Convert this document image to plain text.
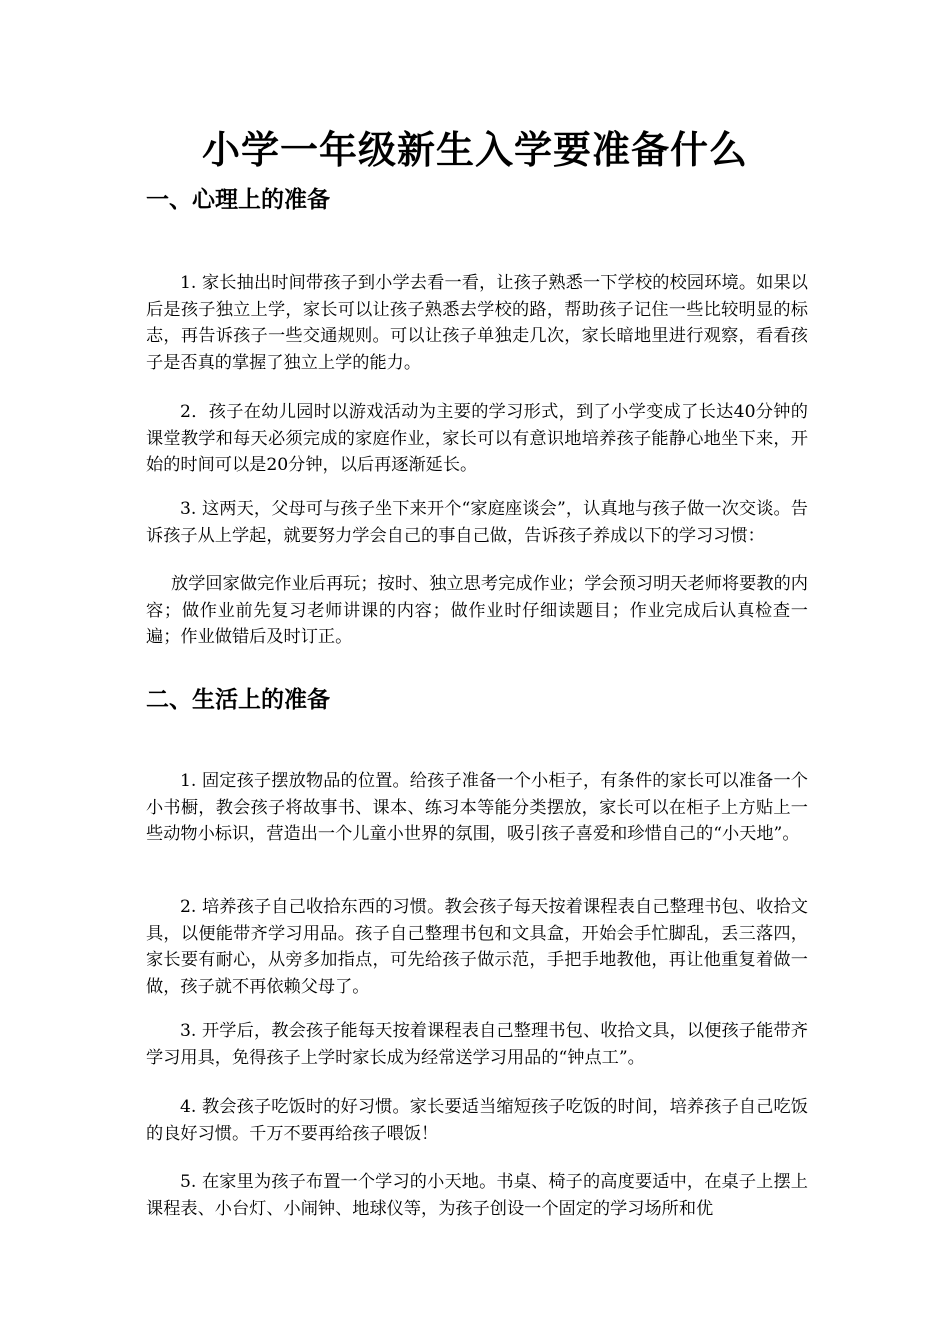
小学一年级新生入学要准备什么
一、心理上的准备

1. 家长抽出时间带孩子到小学去看一看，让孩子熟悉一下学校的校园环境。如果以后是孩子独立上学，家长可以让孩子熟悉去学校的路，帮助孩子记住一些比较明显的标志，再告诉孩子一些交通规则。可以让孩子单独走几次，家长暗地里进行观察，看看孩子是否真的掌握了独立上学的能力。

2．孩子在幼儿园时以游戏活动为主要的学习形式，到了小学变成了长达40分钟的课堂教学和每天必须完成的家庭作业，家长可以有意识地培养孩子能静心地坐下来，开始的时间可以是20分钟，以后再逐渐延长。

3. 这两天，父母可与孩子坐下来开个“家庭座谈会”，认真地与孩子做一次交谈。告诉孩子从上学起，就要努力学会自己的事自己做，告诉孩子养成以下的学习习惯：

放学回家做完作业后再玩；按时、独立思考完成作业；学会预习明天老师将要教的内容；做作业前先复习老师讲课的内容；做作业时仔细读题目；作业完成后认真检查一遍；作业做错后及时订正。

二、生活上的准备

1. 固定孩子摆放物品的位置。给孩子准备一个小柜子，有条件的家长可以准备一个小书橱，教会孩子将故事书、课本、练习本等能分类摆放，家长可以在柜子上方贴上一些动物小标识，营造出一个儿童小世界的氛围，吸引孩子喜爱和珍惜自己的“小天地”。

2. 培养孩子自己收拾东西的习惯。教会孩子每天按着课程表自己整理书包、收拾文具，以便能带齐学习用品。孩子自己整理书包和文具盒，开始会手忙脚乱，丢三落四，家长要有耐心，从旁多加指点，可先给孩子做示范，手把手地教他，再让他重复着做一做，孩子就不再依赖父母了。

3. 开学后，教会孩子能每天按着课程表自己整理书包、收拾文具，以便孩子能带齐学习用具，免得孩子上学时家长成为经常送学习用品的“钟点工”。

4. 教会孩子吃饭时的好习惯。家长要适当缩短孩子吃饭的时间，培养孩子自己吃饭的良好习惯。千万不要再给孩子喂饭！

5. 在家里为孩子布置一个学习的小天地。书桌、椅子的高度要适中，在桌子上摆上课程表、小台灯、小闹钟、地球仪等，为孩子创设一个固定的学习场所和优
